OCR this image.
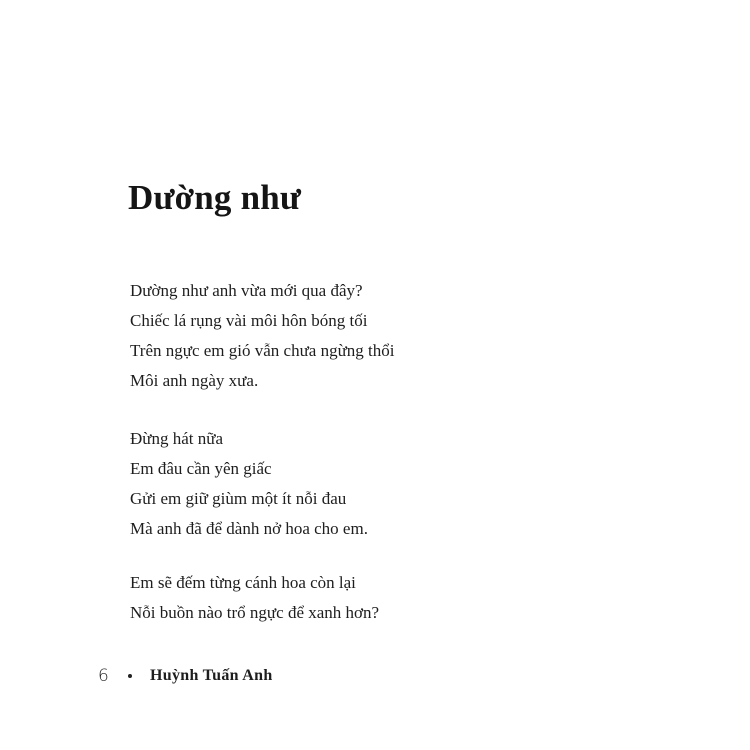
Dường như
Dường như anh vừa mới qua đây?
Chiếc lá rụng vài môi hôn bóng tối
Trên ngực em gió vẫn chưa ngừng thổi
Môi anh ngày xưa.
Đừng hát nữa
Em đâu cần yên giấc
Gửi em giữ giùm một ít nỗi đau
Mà anh đã để dành nở hoa cho em.
Em sẽ đếm từng cánh hoa còn lại
Nỗi buồn nào trổ ngực để xanh hơn?
6	Huỳnh Tuấn Anh
